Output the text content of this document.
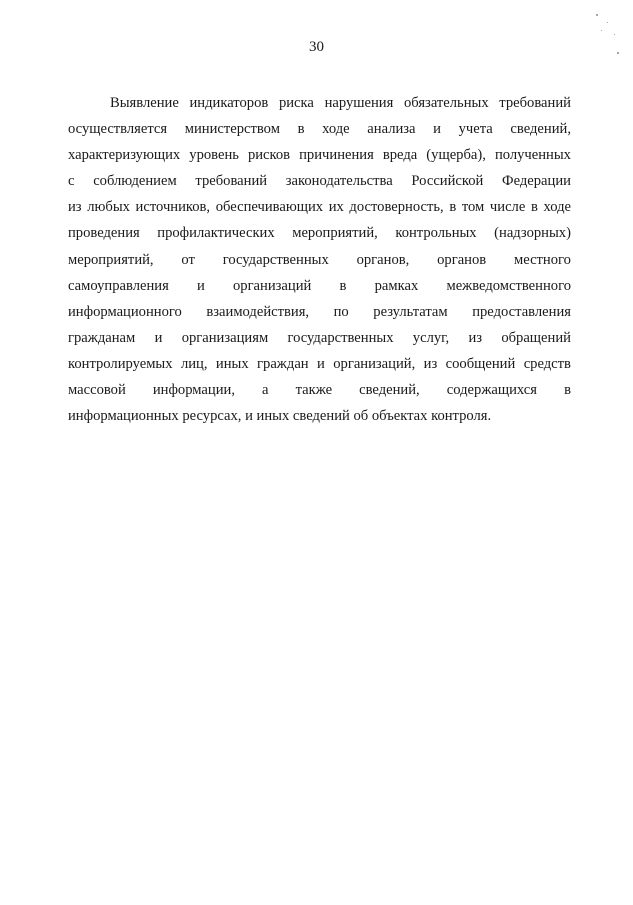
30
Выявление индикаторов риска нарушения обязательных требований
осуществляется министерством в ходе анализа и учета сведений,
характеризующих уровень рисков причинения вреда (ущерба), полученных
с соблюдением требований законодательства Российской Федерации
из любых источников, обеспечивающих их достоверность, в том числе в ходе
проведения профилактических мероприятий, контрольных (надзорных)
мероприятий, от государственных органов, органов местного
самоуправления и организаций в рамках межведомственного
информационного взаимодействия, по результатам предоставления
гражданам и организациям государственных услуг, из обращений
контролируемых лиц, иных граждан и организаций, из сообщений средств
массовой информации, а также сведений, содержащихся в
информационных ресурсах, и иных сведений об объектах контроля.
